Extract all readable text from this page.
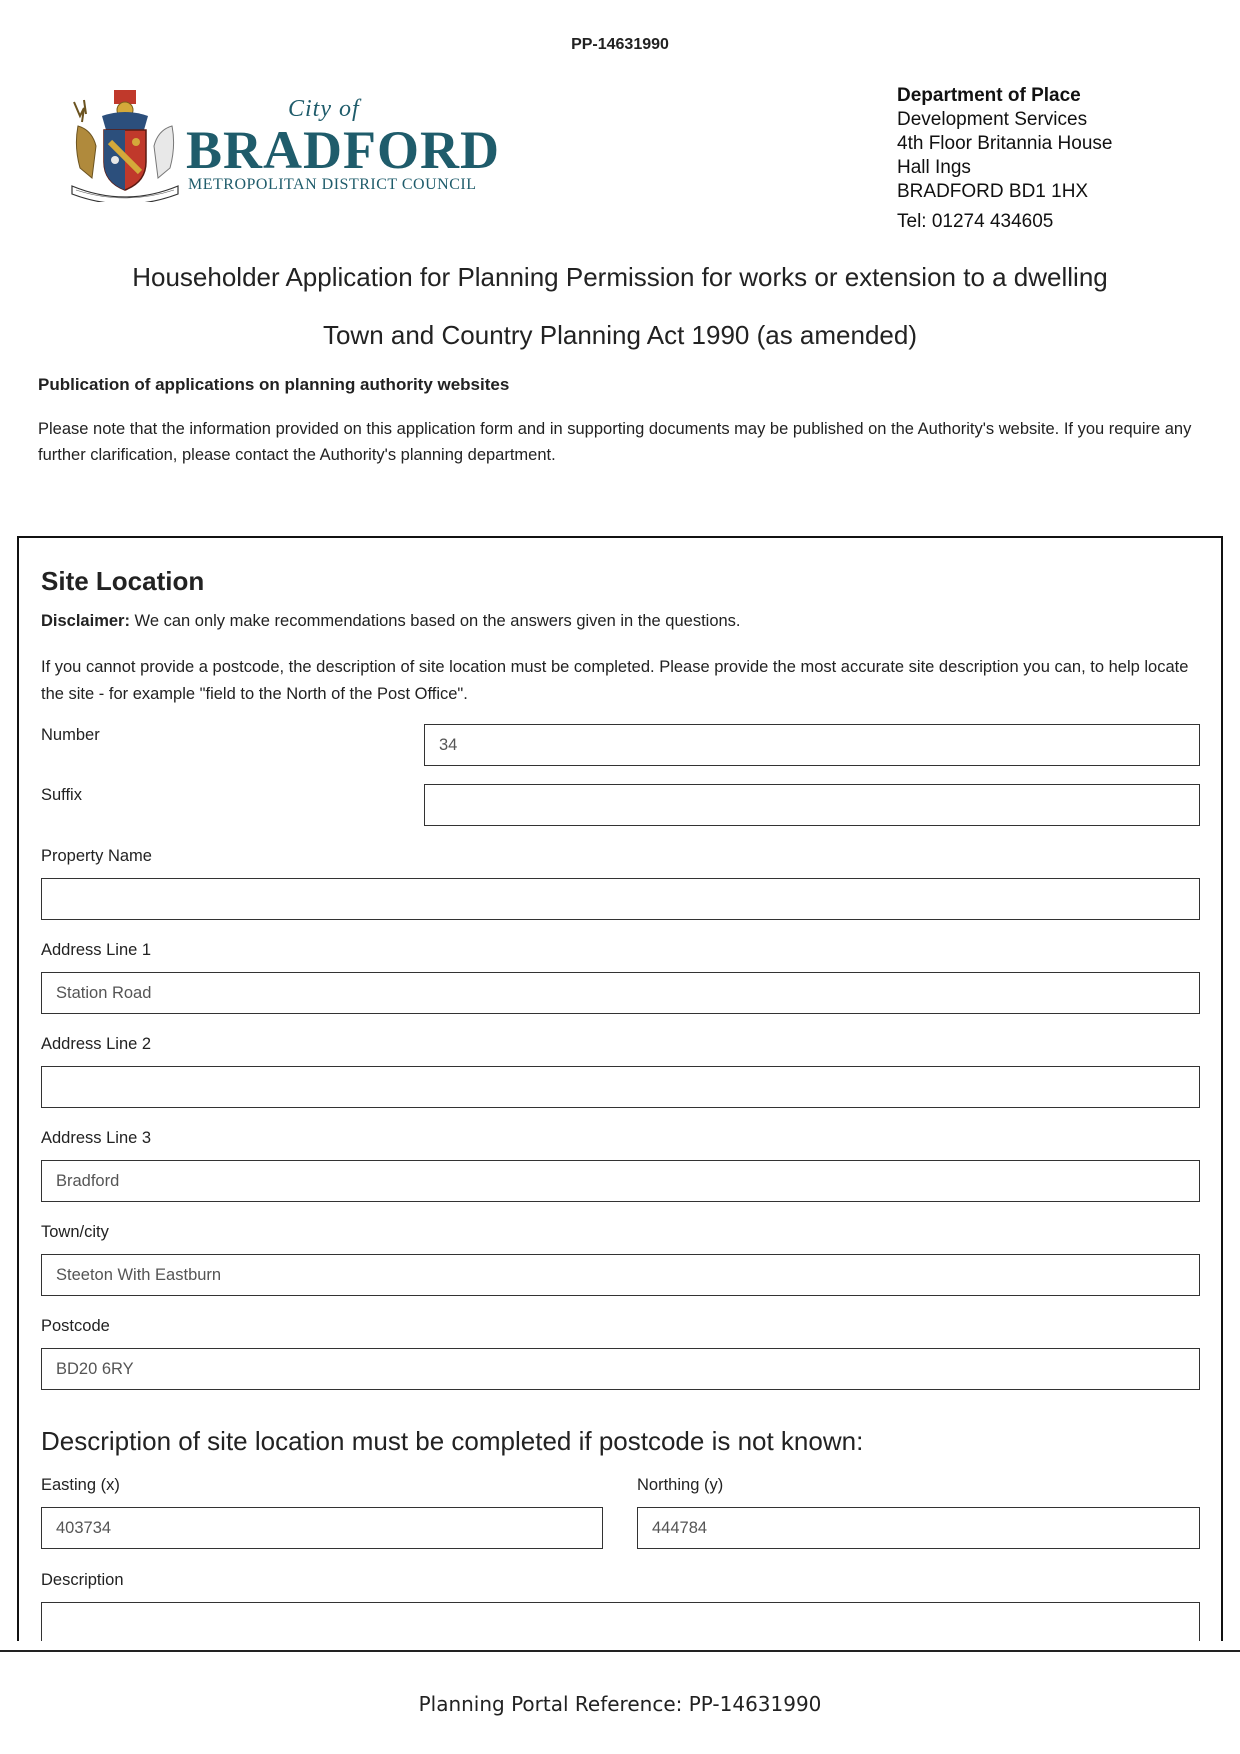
PP-14631990
City of
BRADFORD
METROPOLITAN DISTRICT COUNCIL
Department of Place
Development Services
4th Floor Britannia House
Hall Ings
BRADFORD BD1 1HX
Tel: 01274 434605
Householder Application for Planning Permission for works or extension to a dwelling
Town and Country Planning Act 1990 (as amended)
Publication of applications on planning authority websites
Please note that the information provided on this application form and in supporting documents may be published on the Authority's website. If you require any further clarification, please contact the Authority's planning department.
Site Location
Disclaimer: We can only make recommendations based on the answers given in the questions.
If you cannot provide a postcode, the description of site location must be completed. Please provide the most accurate site description you can, to help locate the site - for example "field to the North of the Post Office".
Number
34
Suffix
Property Name
Address Line 1
Station Road
Address Line 2
Address Line 3
Bradford
Town/city
Steeton With Eastburn
Postcode
BD20 6RY
Description of site location must be completed if postcode is not known:
Easting (x)
403734
Northing (y)
444784
Description
Planning Portal Reference: PP-14631990
